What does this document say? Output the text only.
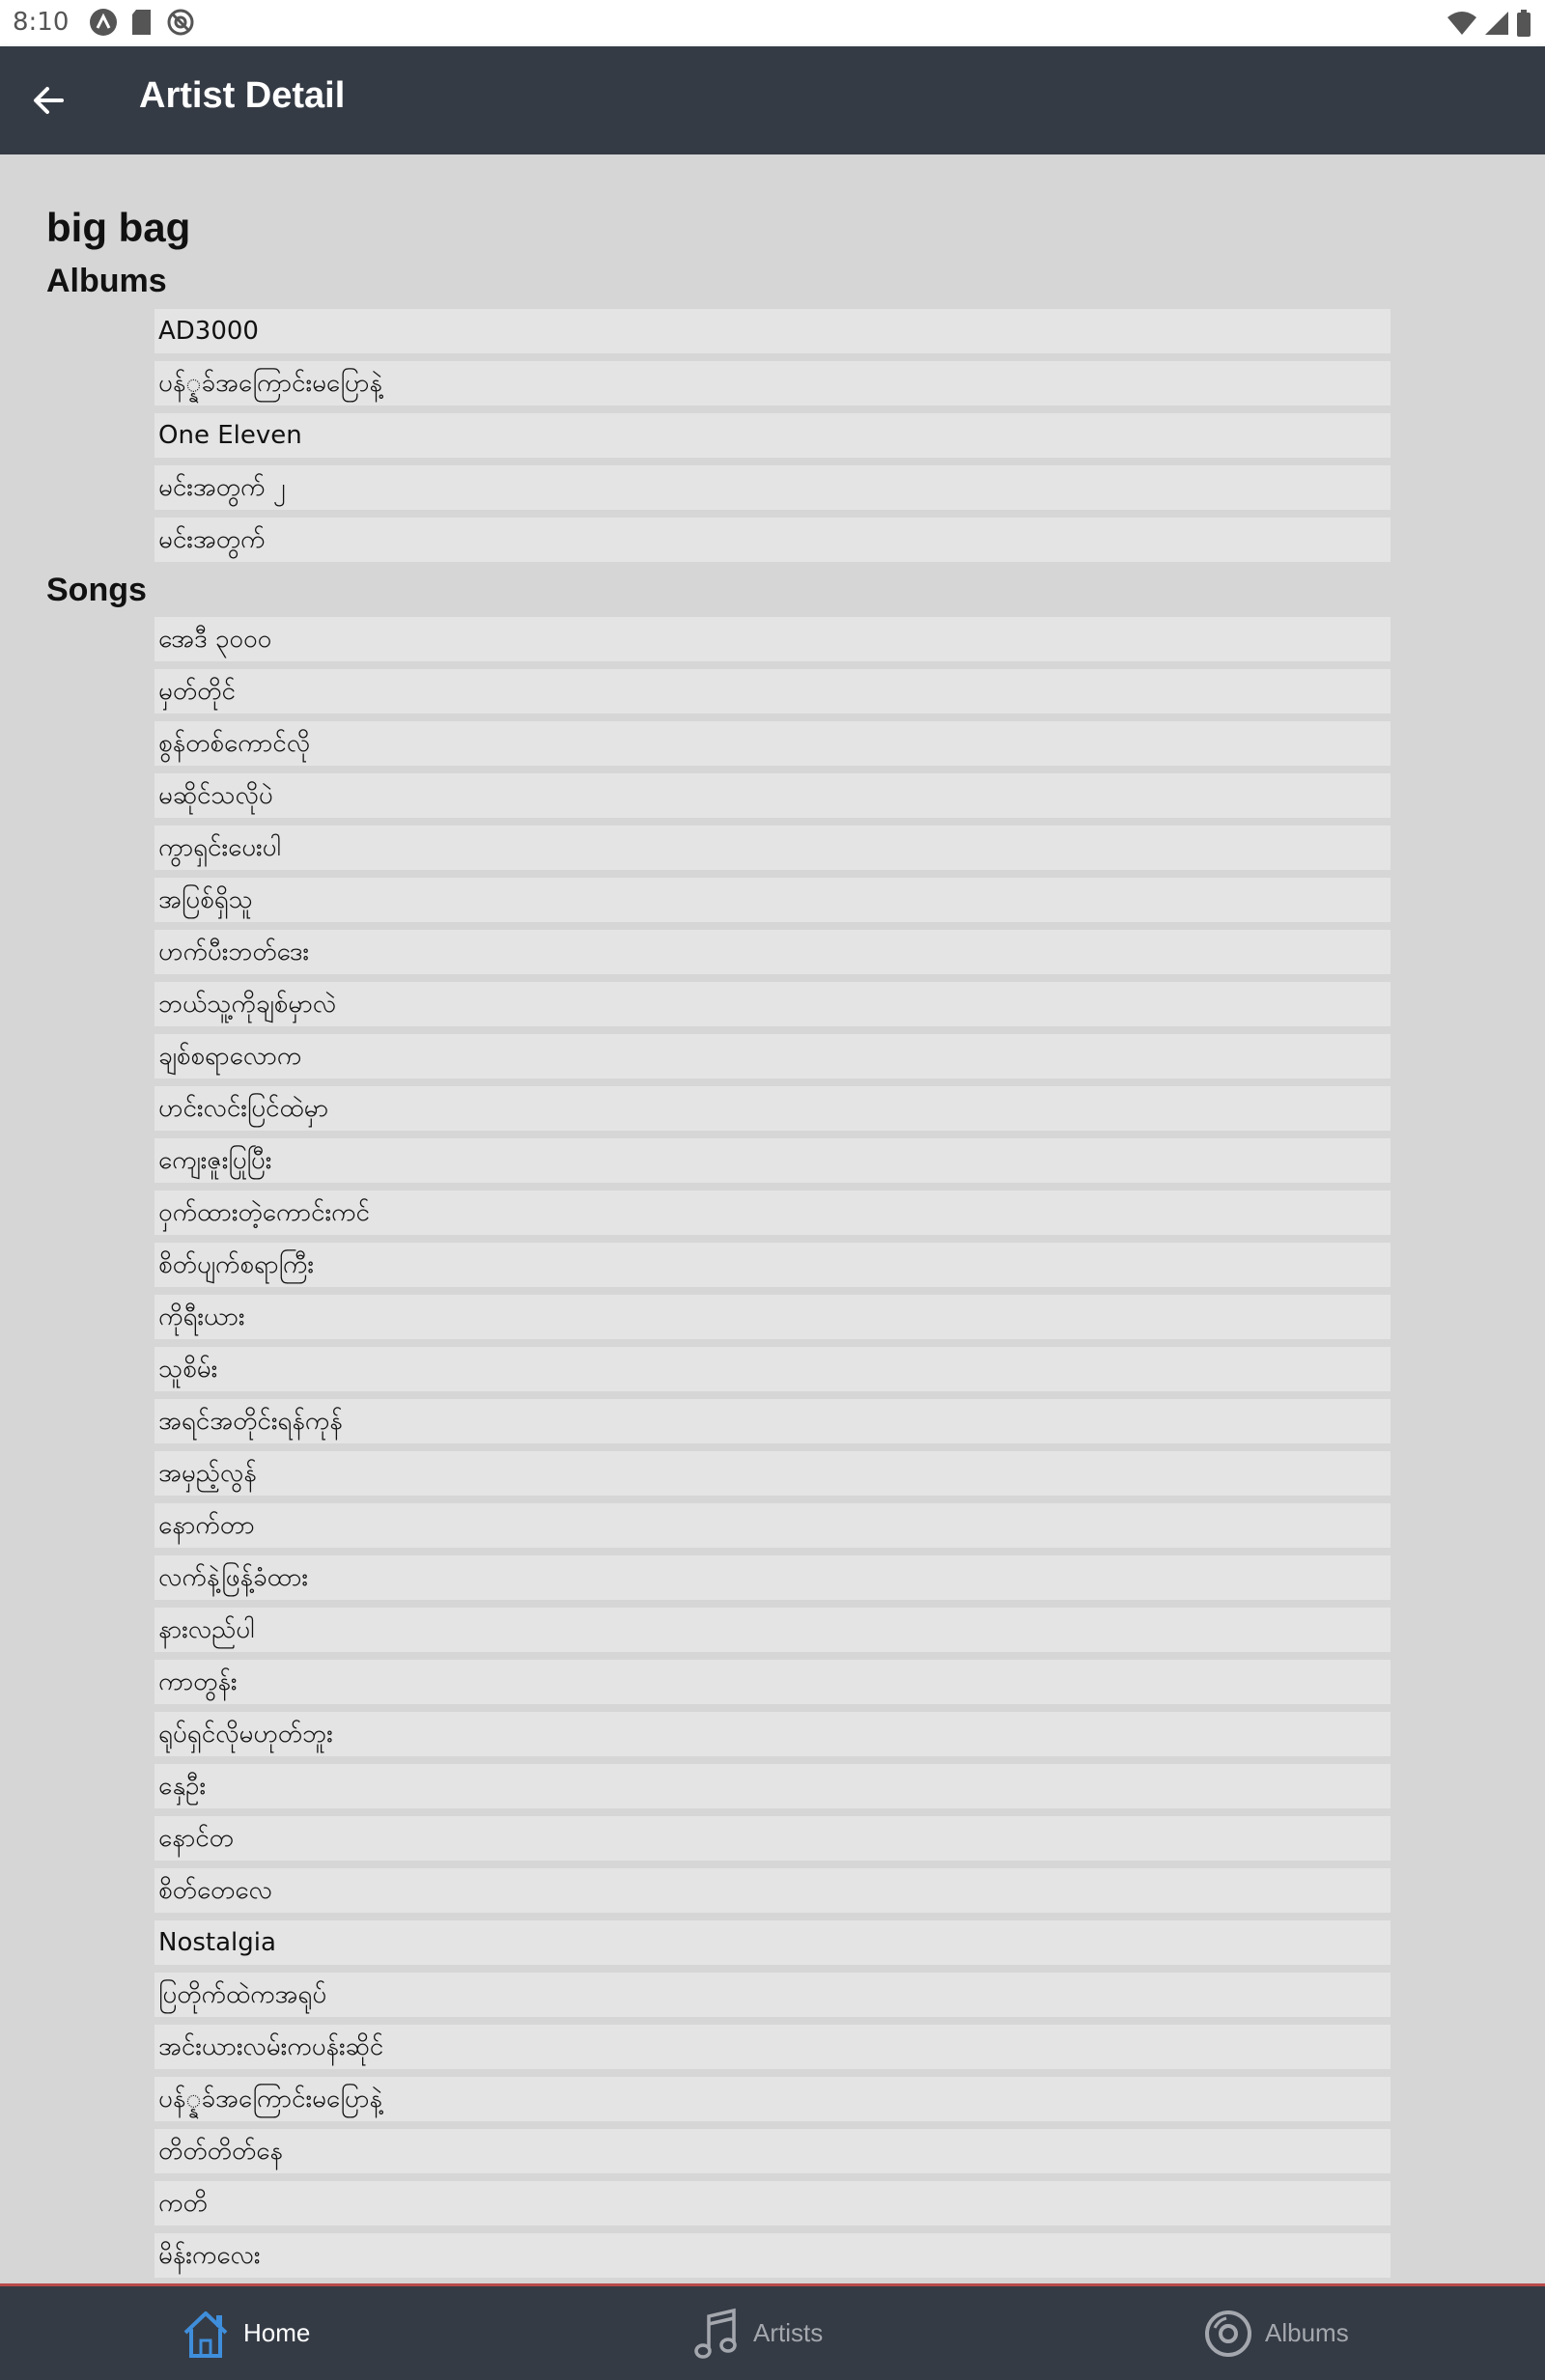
8:10
Artist Detail
big bag
Albums
AD3000
ပန်္နခ်အကြောင်းမပြောနဲ့
One Eleven
မင်းအတွက် ၂
မင်းအတွက်
Songs
အေဒီ ၃၀၀၀
မှတ်တိုင်
စွန်တစ်ကောင်လို
မဆိုင်သလိုပဲ
ကွာရှင်းပေးပါ
အပြစ်ရှိသူ
ဟက်ပီးဘတ်ဒေး
ဘယ်သူ့ကိုချစ်မှာလဲ
ချစ်စရာလောက
ဟင်းလင်းပြင်ထဲမှာ
ကျေးဇူးပြုပြီး
ဝှက်ထားတဲ့ကောင်းကင်
စိတ်ပျက်စရာကြီး
ကိုရီးယား
သူစိမ်း
အရင်အတိုင်းရန်ကုန်
အမှည့်လွန်
နောက်တာ
လက်နဲ့ဖြန့်ခံထား
နားလည်ပါ
ကာတွန်း
ရုပ်ရှင်လိုမဟုတ်ဘူး
နှေဦး
နောင်တ
စိတ်တေလေ
Nostalgia
ပြတိုက်ထဲကအရုပ်
အင်းယားလမ်းကပန်းဆိုင်
ပန်္နခ်အကြောင်းမပြောနဲ့
တိတ်တိတ်နေ
ကတိ
မိန်းကလေး
Home	Artists	Albums
